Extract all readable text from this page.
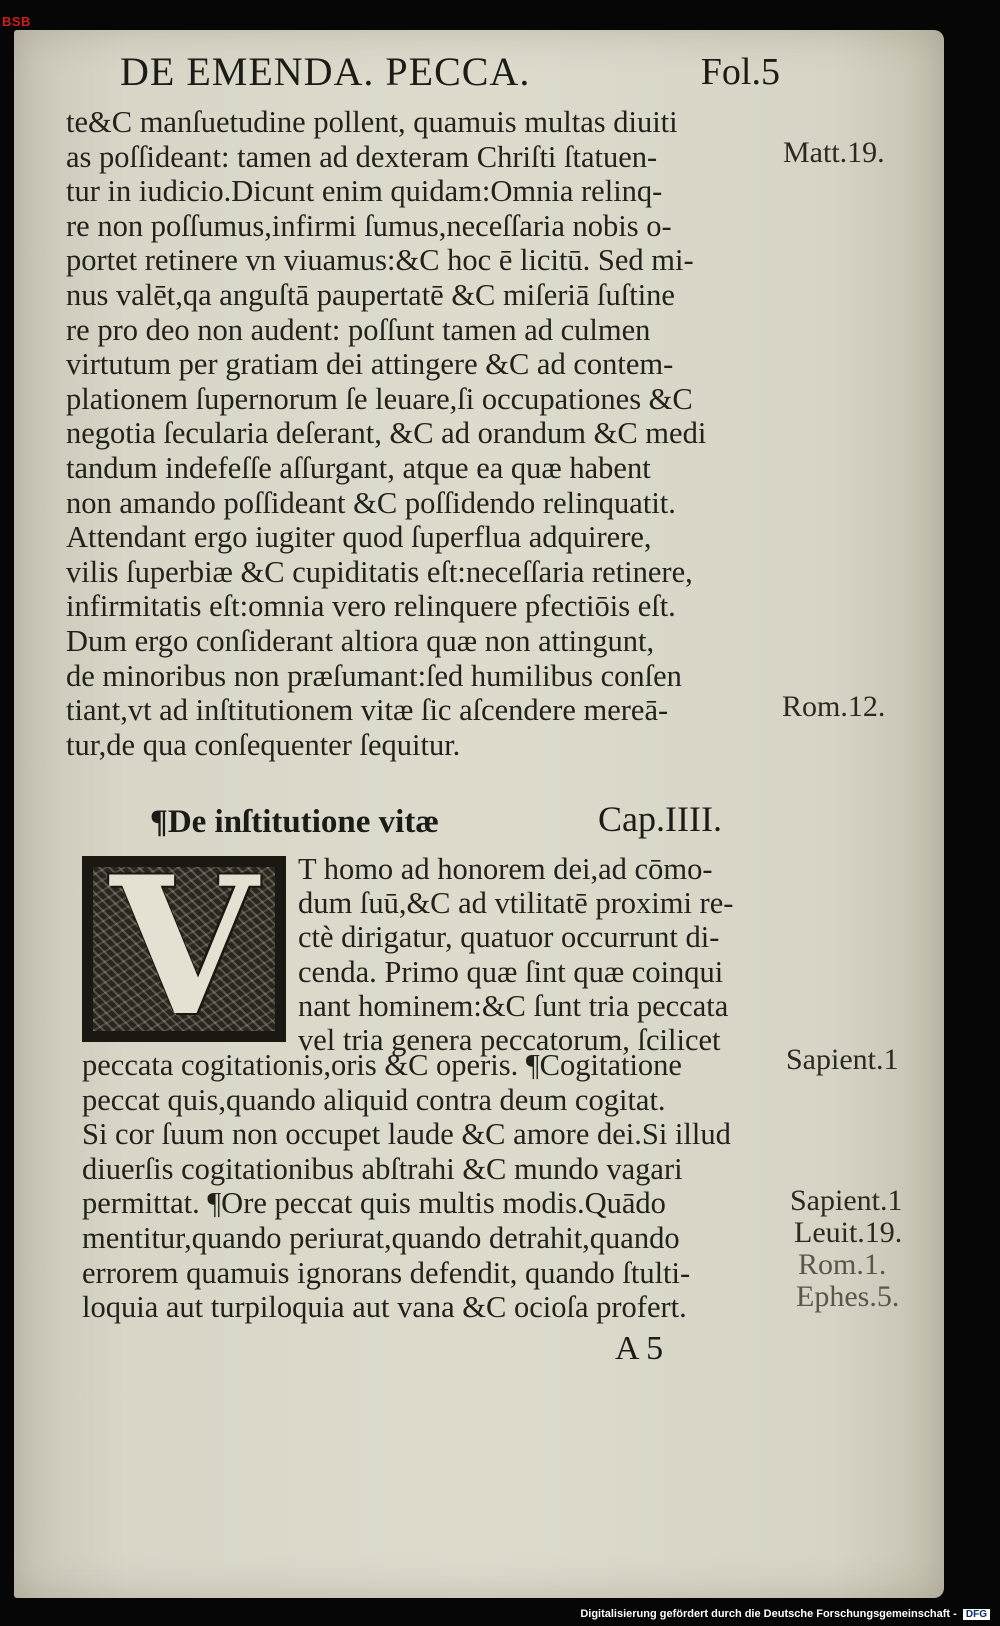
BSB
DE EMENDA. PECCA.	Fol.5
te&C manſuetudine pollent, quamuis multas diuiti
as poſſideant: tamen ad dexteram Chriſti ſtatuen-
tur in iudicio.Dicunt enim quidam:Omnia relinq-
re non poſſumus,infirmi ſumus,neceſſaria nobis o-
portet retinere vn viuamus:&C hoc ē licitū. Sed mi-
nus valēt,qa anguſtā paupertatē &C miſeriā ſuſtine
re pro deo non audent: poſſunt tamen ad culmen
virtutum per gratiam dei attingere &C ad contem-
plationem ſupernorum ſe leuare,ſi occupationes &C
negotia ſecularia deſerant, &C ad orandum &C medi
tandum indefeſſe aſſurgant, atque ea quæ habent
non amando poſſideant &C poſſidendo relinquatit.
Attendant ergo iugiter quod ſuperflua adquirere,
vilis ſuperbiæ &C cupiditatis eſt:neceſſaria retinere,
infirmitatis eſt:omnia vero relinquere pfectiōis eſt.
Dum ergo conſiderant altiora quæ non attingunt,
de minoribus non præſumant:ſed humilibus conſen
tiant,vt ad inſtitutionem vitæ ſic aſcendere mereā-
tur,de qua conſequenter ſequitur.
¶De inſtitutione vitæ	Cap.IIII.
V	T homo ad honorem dei,ad cōmo-
dum ſuū,&C ad vtilitatē proximi re-
ctè dirigatur, quatuor occurrunt di-
cenda. Primo quæ ſint quæ coinqui
nant hominem:&C ſunt tria peccata
vel tria genera peccatorum, ſcilicet
peccata cogitationis,oris &C operis. ¶Cogitatione
peccat quis,quando aliquid contra deum cogitat.
Si cor ſuum non occupet laude &C amore dei.Si illud
diuerſis cogitationibus abſtrahi &C mundo vagari
permittat. ¶Ore peccat quis multis modis.Quādo
mentitur,quando periurat,quando detrahit,quando
errorem quamuis ignorans defendit, quando ſtulti-
loquia aut turpiloquia aut vana &C ocioſa profert.
A 5
Matt.19.
Rom.12.
Sapient.1
Sapient.1
Leuit.19.
Rom.1.
Ephes.5.
Digitalisierung gefördert durch die Deutsche Forschungsgemeinschaft - DFG
